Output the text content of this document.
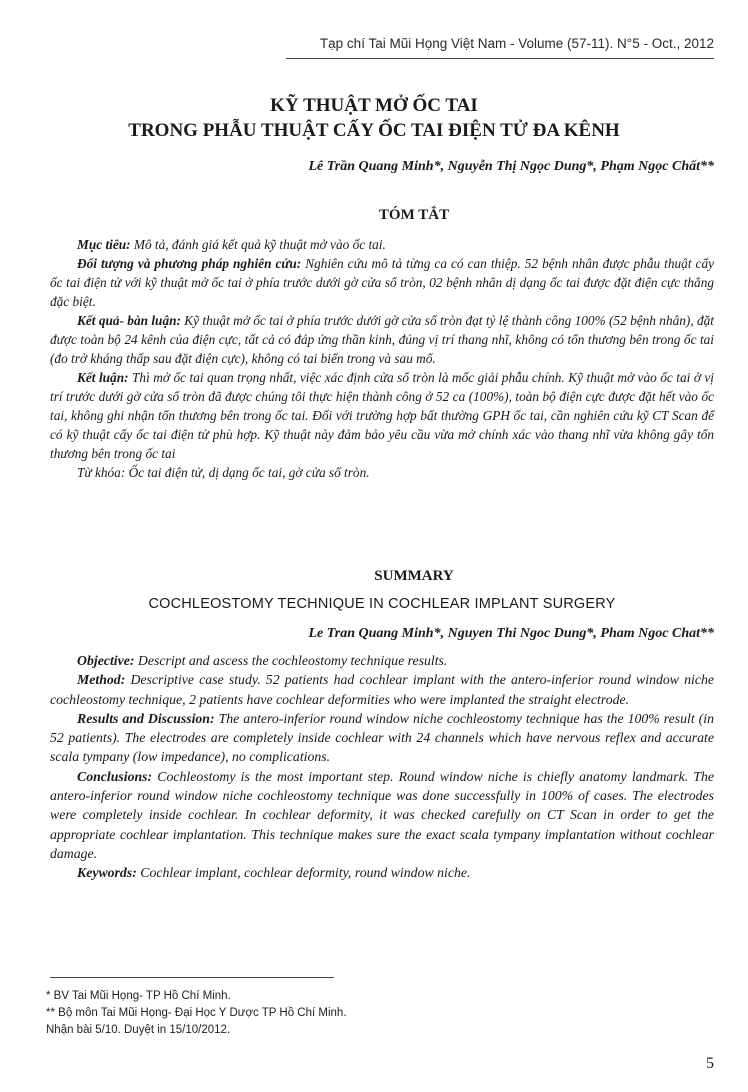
Tạp chí Tai Mũi Họng Việt Nam - Volume (57-11). N°5 - Oct., 2012
KỸ THUẬT MỞ ỐC TAI
TRONG PHẪU THUẬT CẤY ỐC TAI ĐIỆN TỬ ĐA KÊNH
Lê Trần Quang Minh*, Nguyễn Thị Ngọc Dung*, Phạm Ngọc Chất**
TÓM TẮT

Mục tiêu: Mô tả, đánh giá kết quả kỹ thuật mở vào ốc tai.

Đối tượng và phương pháp nghiên cứu: Nghiên cứu mô tả từng ca có can thiệp. 52 bệnh nhân được phẫu thuật cấy ốc tai điện tử với kỹ thuật mở ốc tai ở phía trước dưới gờ cửa sổ tròn, 02 bệnh nhân dị dạng ốc tai được đặt điện cực thẳng đặc biệt.

Kết quả- bàn luận: Kỹ thuật mở ốc tai ở phía trước dưới gờ cửa sổ tròn đạt tỷ lệ thành công 100% (52 bệnh nhân), đặt được toàn bộ 24 kênh của điện cực, tất cả có đáp ứng thần kinh, đúng vị trí thang nhĩ, không có tổn thương bên trong ốc tai (đo trở kháng thấp sau đặt điện cực), không có tai biến trong và sau mổ.

Kết luận: Thì mở ốc tai quan trọng nhất, việc xác định cửa sổ tròn là mốc giải phẫu chính. Kỹ thuật mở vào ốc tai ở vị trí trước dưới gờ cửa sổ tròn đã được chúng tôi thực hiện thành công ở 52 ca (100%), toàn bộ điện cực được đặt hết vào ốc tai, không ghi nhận tổn thương bên trong ốc tai. Đối với trường hợp bất thường GPH ốc tai, cần nghiên cứu kỹ CT Scan để có kỹ thuật cấy ốc tai điện tử phù hợp. Kỹ thuật này đảm bảo yêu cầu vừa mở chính xác vào thang nhĩ vừa không gây tổn thương bên trong ốc tai

Từ khóa: Ốc tai điện tử, dị dạng ốc tai, gờ cửa sổ tròn.

SUMMARY
COCHLEOSTOMY TECHNIQUE IN COCHLEAR IMPLANT SURGERY
Le Tran Quang Minh*, Nguyen Thi Ngoc Dung*, Pham Ngoc Chat**

Objective: Descript and ascess the cochleostomy technique results.

Method: Descriptive case study. 52 patients had cochlear implant with the antero-inferior round window niche cochleostomy technique, 2 patients have cochlear deformities who were implanted the straight electrode.

Results and Discussion: The antero-inferior round window niche cochleostomy technique has the 100% result (in 52 patients). The electrodes are completely inside cochlear with 24 channels which have nervous reflex and accurate scala tympany (low impedance), no complications.

Conclusions: Cochleostomy is the most important step. Round window niche is chiefly anatomy landmark. The antero-inferior round window niche cochleostomy technique was done successfully in 100% of cases. The electrodes were completely inside cochlear. In cochlear deformity, it was checked carefully on CT Scan in order to get the appropriate cochlear implantation. This technique makes sure the exact scala tympany implantation without cochlear damage.

Keywords: Cochlear implant, cochlear deformity, round window niche.

* BV Tai Mũi Họng- TP Hồ Chí Minh.
** Bộ môn Tai Mũi Họng- Đại Học Y Dược TP Hồ Chí Minh.
Nhận bài 5/10. Duyệt in 15/10/2012.
5
